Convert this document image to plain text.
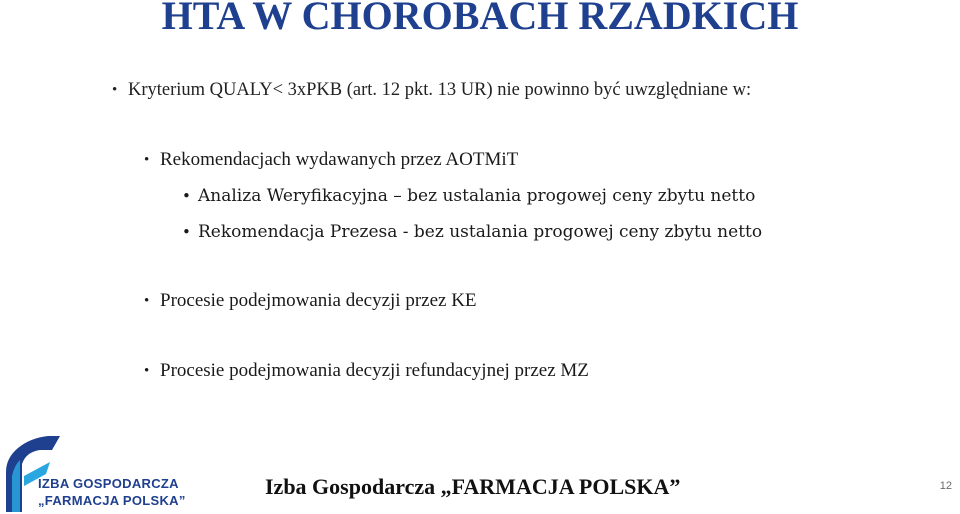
HTA W CHOROBACH RZADKICH
• Kryterium QUALY< 3xPKB (art. 12 pkt. 13 UR) nie powinno być uwzględniane w:
• Rekomendacjach wydawanych przez AOTMiT
• Analiza Weryfikacyjna – bez ustalania progowej ceny zbytu netto
• Rekomendacja Prezesa - bez ustalania progowej ceny zbytu netto
• Procesie podejmowania decyzji przez KE
• Procesie podejmowania decyzji refundacyjnej przez MZ
IZBA GOSPODARCZA
„FARMACJA POLSKA”
Izba Gospodarcza „FARMACJA POLSKA”	12
